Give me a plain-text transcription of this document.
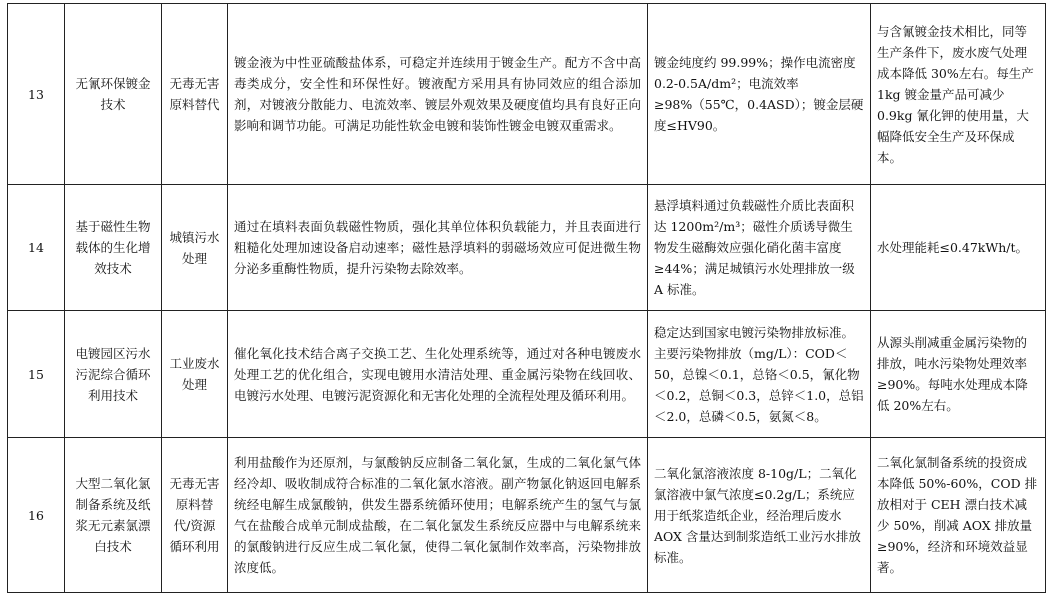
13	无氰环保镀金技术	无毒无害原料替代	镀金液为中性亚硫酸盐体系，可稳定并连续用于镀金生产。配方不含中高毒类成分，安全性和环保性好。镀液配方采用具有协同效应的组合添加剂，对镀液分散能力、电流效率、镀层外观效果及硬度值均具有良好正向影响和调节功能。可满足功能性软金电镀和装饰性镀金电镀双重需求。	镀金纯度约 99.99%；操作电流密度 0.2-0.5A/dm²；电流效率≥98%（55℃，0.4ASD）；镀金层硬度≤HV90。	与含氰镀金技术相比，同等生产条件下，废水废气处理成本降低 30%左右。每生产 1kg 镀金量产品可减少 0.9kg 氰化钾的使用量，大幅降低安全生产及环保成本。
14	基于磁性生物载体的生化增效技术	城镇污水处理	通过在填料表面负载磁性物质，强化其单位体积负载能力，并且表面进行粗糙化处理加速设备启动速率；磁性悬浮填料的弱磁场效应可促进微生物分泌多重酶性物质，提升污染物去除效率。	悬浮填料通过负载磁性介质比表面积达 1200m²/m³；磁性介质诱导微生物发生磁酶效应强化硝化菌丰富度≥44%；满足城镇污水处理排放一级 A 标准。	水处理能耗≤0.47kWh/t。
15	电镀园区污水污泥综合循环利用技术	工业废水处理	催化氧化技术结合离子交换工艺、生化处理系统等，通过对各种电镀废水处理工艺的优化组合，实现电镀用水清洁处理、重金属污染物在线回收、电镀污水处理、电镀污泥资源化和无害化处理的全流程处理及循环利用。	稳定达到国家电镀污染物排放标准。主要污染物排放（mg/L）：COD＜50，总镍＜0.1，总铬＜0.5，氰化物＜0.2，总铜＜0.3，总锌＜1.0，总铝＜2.0，总磷＜0.5，氨氮＜8。	从源头削减重金属污染物的排放，吨水污染物处理效率≥90%。每吨水处理成本降低 20%左右。
16	大型二氧化氯制备系统及纸浆无元素氯漂白技术	无毒无害原料替代/资源循环利用	利用盐酸作为还原剂，与氯酸钠反应制备二氧化氯，生成的二氧化氯气体经冷却、吸收制成符合标准的二氧化氯水溶液。副产物氯化钠返回电解系统经电解生成氯酸钠，供发生器系统循环使用；电解系统产生的氢气与氯气在盐酸合成单元制成盐酸，在二氧化氯发生系统反应器中与电解系统来的氯酸钠进行反应生成二氧化氯，使得二氧化氯制作效率高，污染物排放浓度低。	二氧化氯溶液浓度 8-10g/L；二氧化氯溶液中氯气浓度≤0.2g/L；系统应用于纸浆造纸企业，经治理后废水 AOX 含量达到制浆造纸工业污水排放标准。	二氧化氯制备系统的投资成本降低 50%-60%，COD 排放相对于 CEH 漂白技术减少 50%，削减 AOX 排放量≥90%，经济和环境效益显著。
